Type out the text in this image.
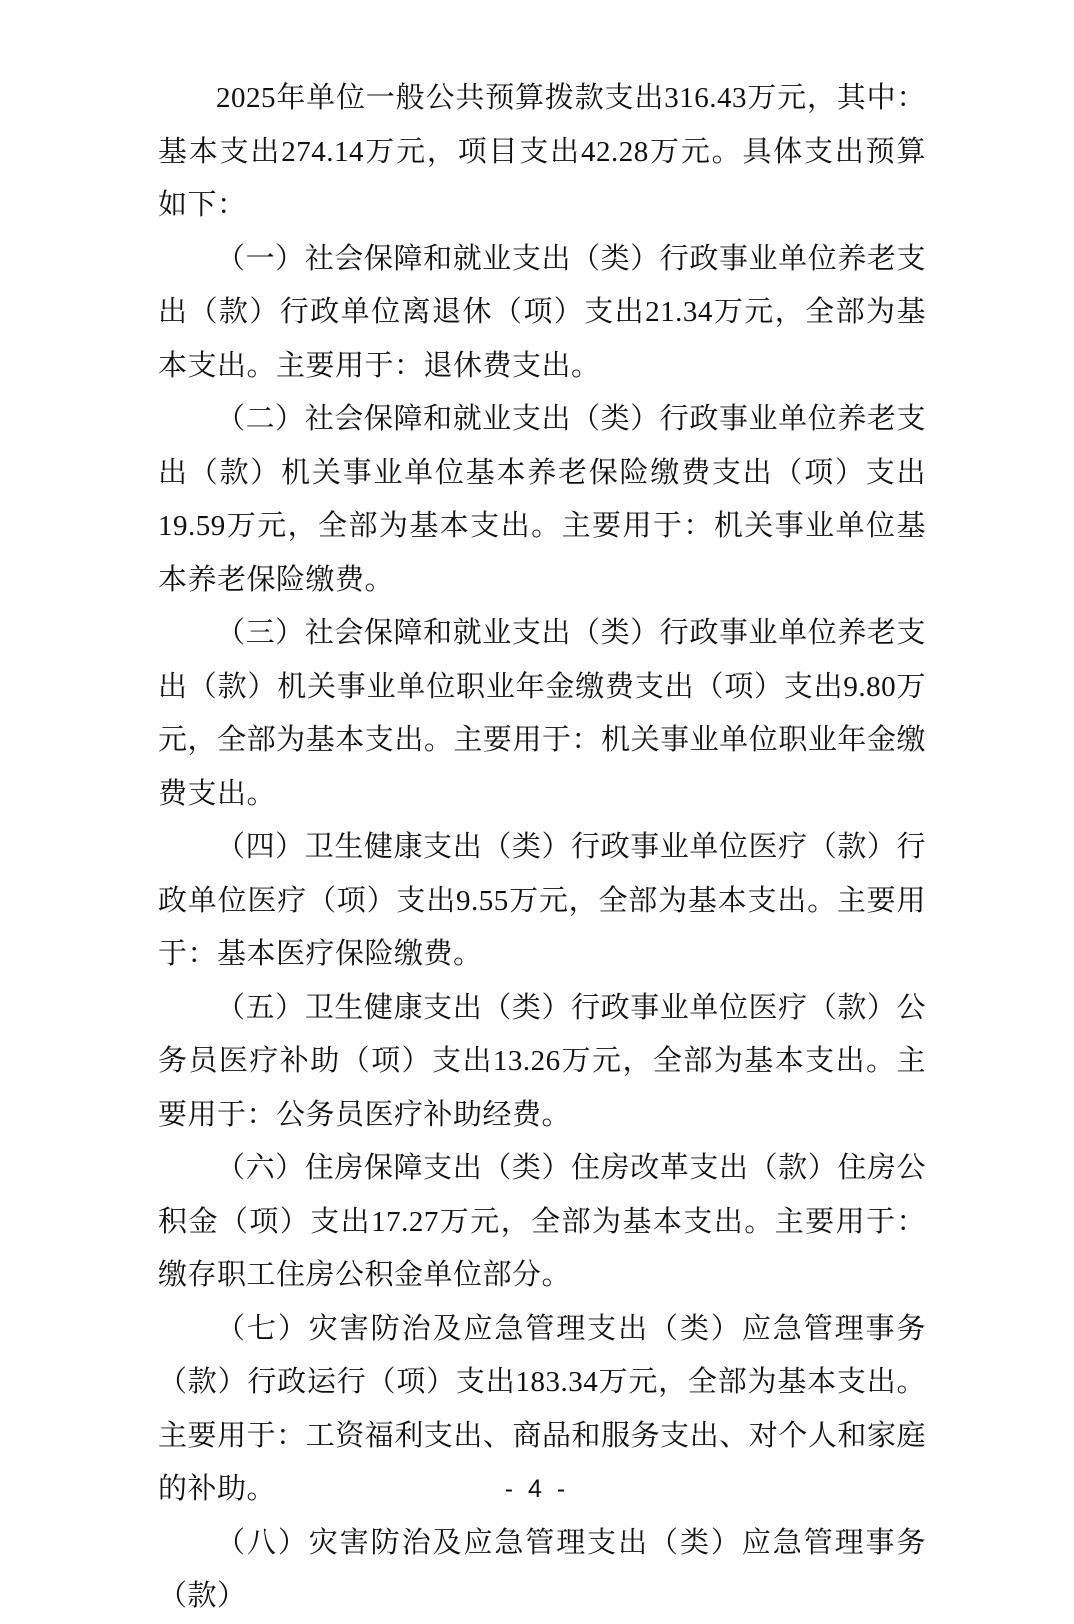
2025年单位一般公共预算拨款支出316.43万元，其中：基本支出274.14万元，项目支出42.28万元。具体支出预算如下：

（一）社会保障和就业支出（类）行政事业单位养老支出（款）行政单位离退休（项）支出21.34万元，全部为基本支出。主要用于：退休费支出。

（二）社会保障和就业支出（类）行政事业单位养老支出（款）机关事业单位基本养老保险缴费支出（项）支出19.59万元，全部为基本支出。主要用于：机关事业单位基本养老保险缴费。

（三）社会保障和就业支出（类）行政事业单位养老支出（款）机关事业单位职业年金缴费支出（项）支出9.80万元，全部为基本支出。主要用于：机关事业单位职业年金缴费支出。

（四）卫生健康支出（类）行政事业单位医疗（款）行政单位医疗（项）支出9.55万元，全部为基本支出。主要用于：基本医疗保险缴费。

（五）卫生健康支出（类）行政事业单位医疗（款）公务员医疗补助（项）支出13.26万元，全部为基本支出。主要用于：公务员医疗补助经费。

（六）住房保障支出（类）住房改革支出（款）住房公积金（项）支出17.27万元，全部为基本支出。主要用于：缴存职工住房公积金单位部分。

（七）灾害防治及应急管理支出（类）应急管理事务（款）行政运行（项）支出183.34万元，全部为基本支出。主要用于：工资福利支出、商品和服务支出、对个人和家庭的补助。

（八）灾害防治及应急管理支出（类）应急管理事务（款）

- 4 -
